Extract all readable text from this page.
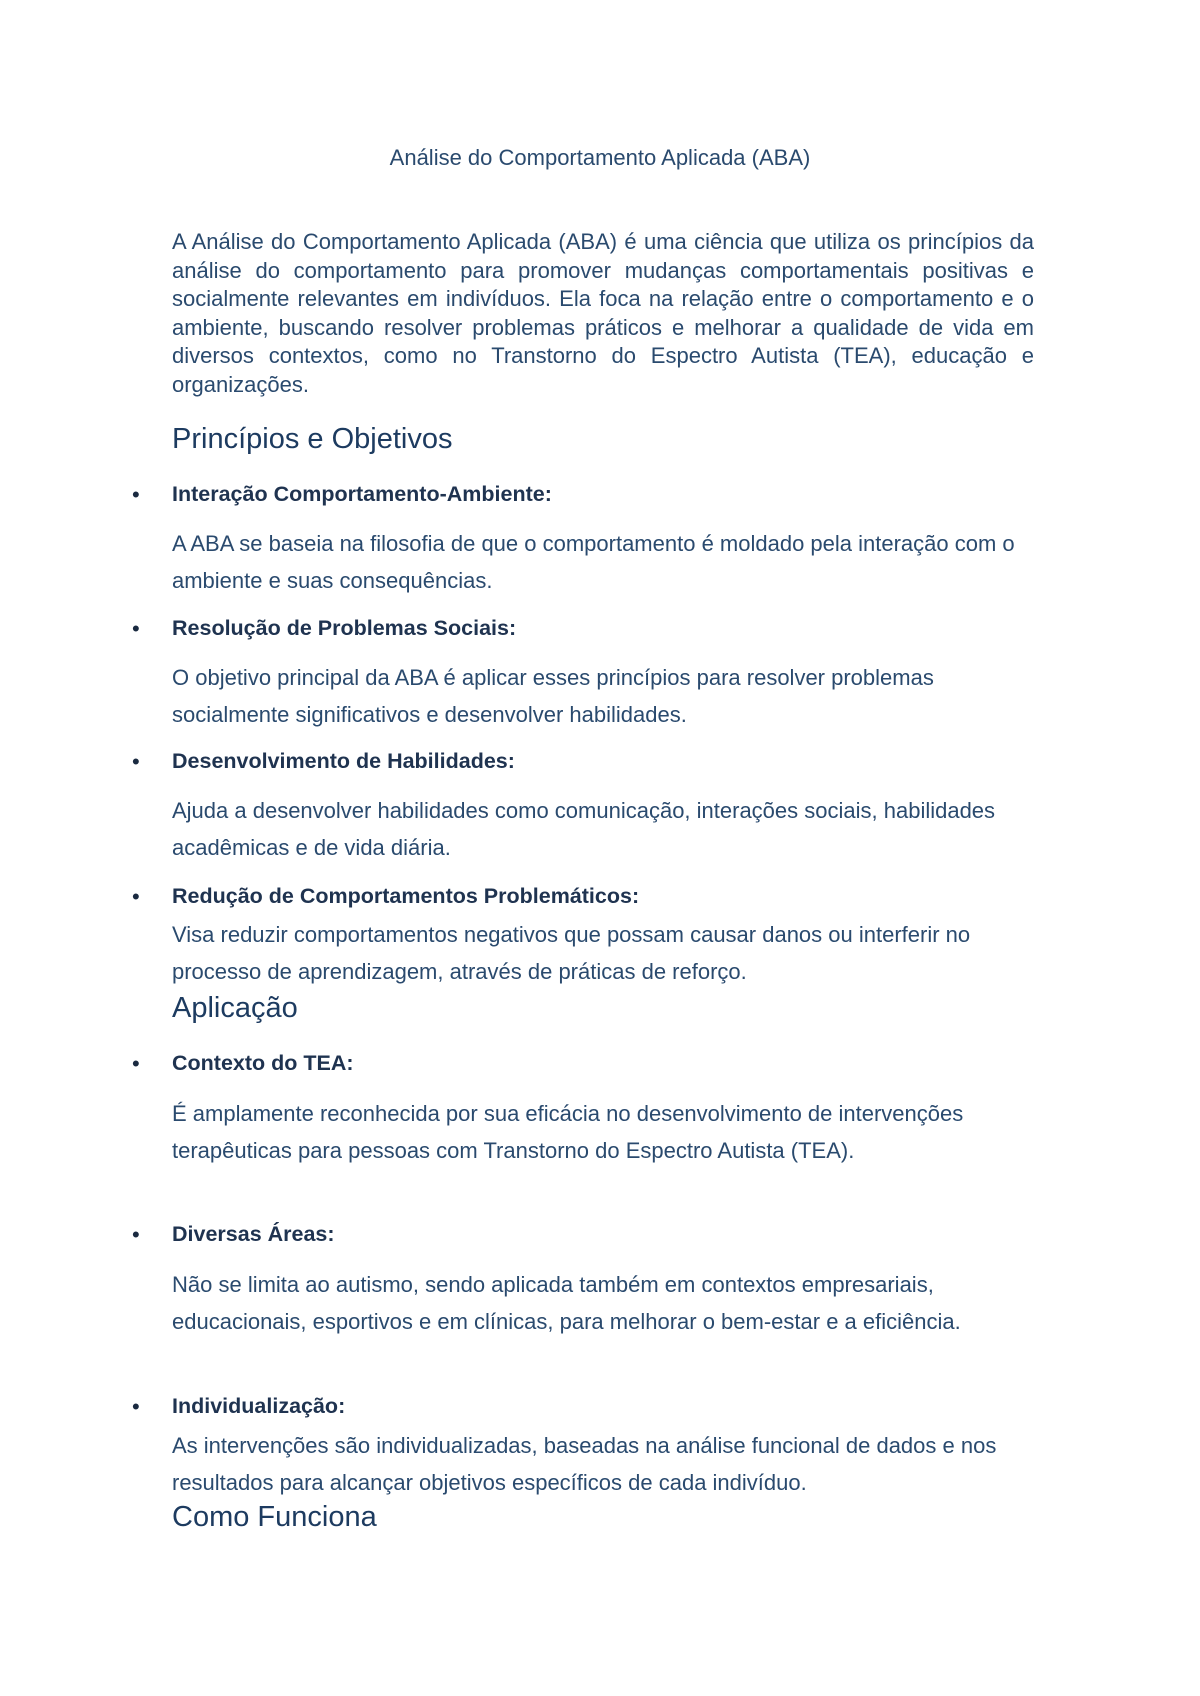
Análise do Comportamento Aplicada (ABA)
A Análise do Comportamento Aplicada (ABA) é uma ciência que utiliza os princípios da análise do comportamento para promover mudanças comportamentais positivas e socialmente relevantes em indivíduos. Ela foca na relação entre o comportamento e o ambiente, buscando resolver problemas práticos e melhorar a qualidade de vida em diversos contextos, como no Transtorno do Espectro Autista (TEA), educação e organizações.
Princípios e Objetivos
• Interação Comportamento-Ambiente:
A ABA se baseia na filosofia de que o comportamento é moldado pela interação com o ambiente e suas consequências.
• Resolução de Problemas Sociais:
O objetivo principal da ABA é aplicar esses princípios para resolver problemas socialmente significativos e desenvolver habilidades.
• Desenvolvimento de Habilidades:
Ajuda a desenvolver habilidades como comunicação, interações sociais, habilidades acadêmicas e de vida diária.
• Redução de Comportamentos Problemáticos:
Visa reduzir comportamentos negativos que possam causar danos ou interferir no processo de aprendizagem, através de práticas de reforço.
Aplicação
• Contexto do TEA:
É amplamente reconhecida por sua eficácia no desenvolvimento de intervenções terapêuticas para pessoas com Transtorno do Espectro Autista (TEA).
• Diversas Áreas:
Não se limita ao autismo, sendo aplicada também em contextos empresariais, educacionais, esportivos e em clínicas, para melhorar o bem-estar e a eficiência.
• Individualização:
As intervenções são individualizadas, baseadas na análise funcional de dados e nos resultados para alcançar objetivos específicos de cada indivíduo.
Como Funciona
